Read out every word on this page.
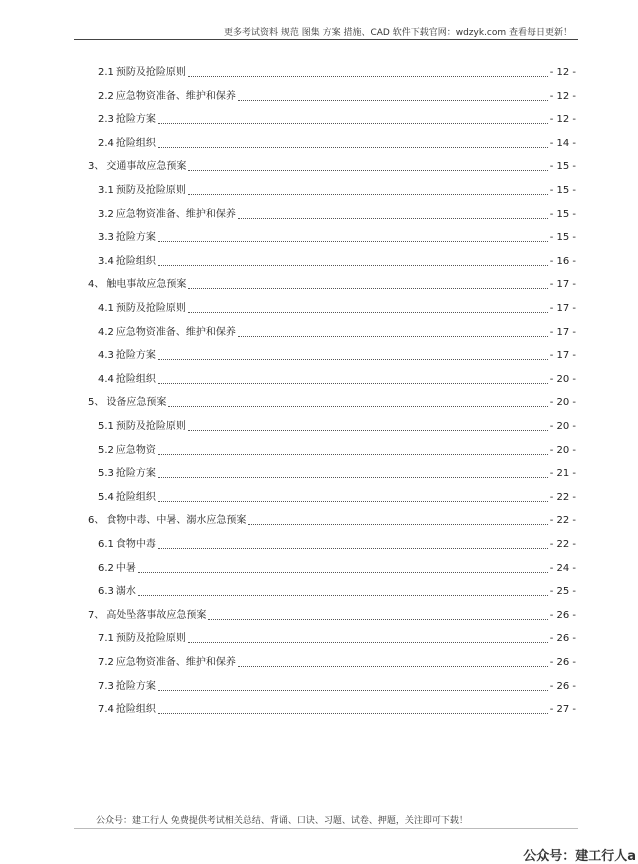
更多考试资料 规范 图集 方案 措施、CAD 软件下载官网：wdzyk.com 查看每日更新！
2.1 预防及抢险原则	- 12 -
2.2 应急物资准备、维护和保养	- 12 -
2.3 抢险方案	- 12 -
2.4 抢险组织	- 14 -
3、 交通事故应急预案	- 15 -
3.1 预防及抢险原则	- 15 -
3.2 应急物资准备、维护和保养	- 15 -
3.3 抢险方案	- 15 -
3.4 抢险组织	- 16 -
4、 触电事故应急预案	- 17 -
4.1 预防及抢险原则	- 17 -
4.2 应急物资准备、维护和保养	- 17 -
4.3 抢险方案	- 17 -
4.4 抢险组织	- 20 -
5、 设备应急预案	- 20 -
5.1 预防及抢险原则	- 20 -
5.2 应急物资	- 20 -
5.3 抢险方案	- 21 -
5.4 抢险组织	- 22 -
6、 食物中毒、中暑、溺水应急预案	- 22 -
6.1 食物中毒	- 22 -
6.2 中暑	- 24 -
6.3 溺水	- 25 -
7、 高处坠落事故应急预案	- 26 -
7.1 预防及抢险原则	- 26 -
7.2 应急物资准备、维护和保养	- 26 -
7.3 抢险方案	- 26 -
7.4 抢险组织	- 27 -
公众号：建工行人 免费提供考试相关总结、背诵、口诀、习题、试卷、押题，关注即可下载！
公众号：建工行人a
